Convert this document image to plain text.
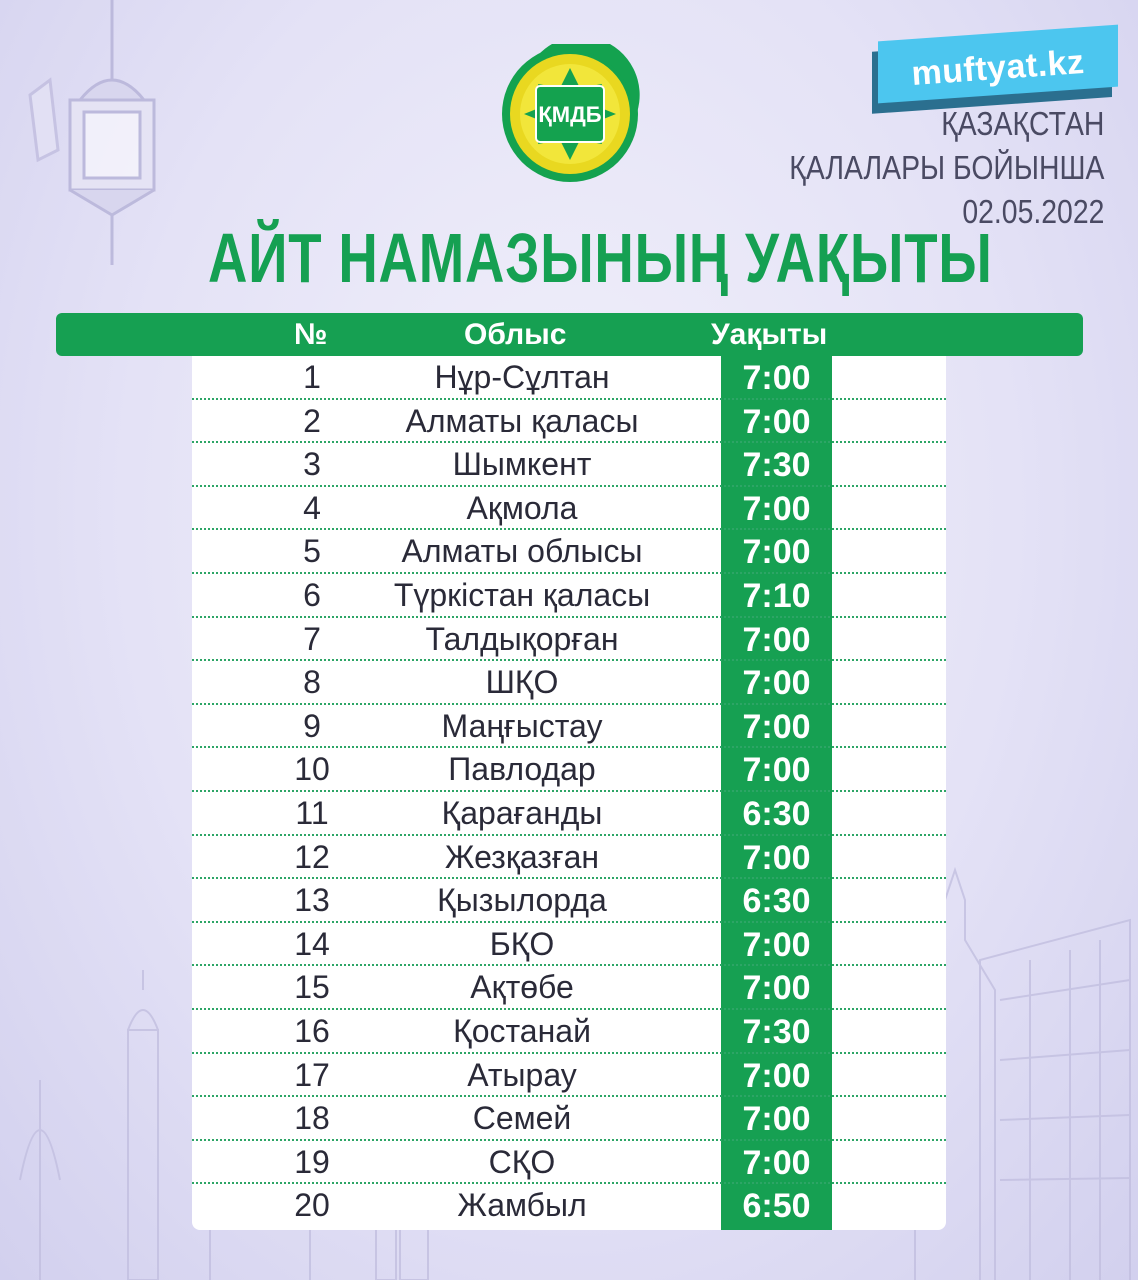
ҚМДБ
muftyat.kz
ҚАЗАҚСТАН
ҚАЛАЛАРЫ БОЙЫНША
02.05.2022
АЙТ НАМАЗЫНЫҢ УАҚЫТЫ
№	Облыс	Уақыты
1	Нұр-Сұлтан	7:00
2	Алматы қаласы	7:00
3	Шымкент	7:30
4	Ақмола	7:00
5	Алматы облысы	7:00
6	Түркістан қаласы	7:10
7	Талдықорған	7:00
8	ШҚО	7:00
9	Маңғыстау	7:00
10	Павлодар	7:00
11	Қарағанды	6:30
12	Жезқазған	7:00
13	Қызылорда	6:30
14	БҚО	7:00
15	Ақтөбе	7:00
16	Қостанай	7:30
17	Атырау	7:00
18	Семей	7:00
19	СҚО	7:00
20	Жамбыл	6:50
